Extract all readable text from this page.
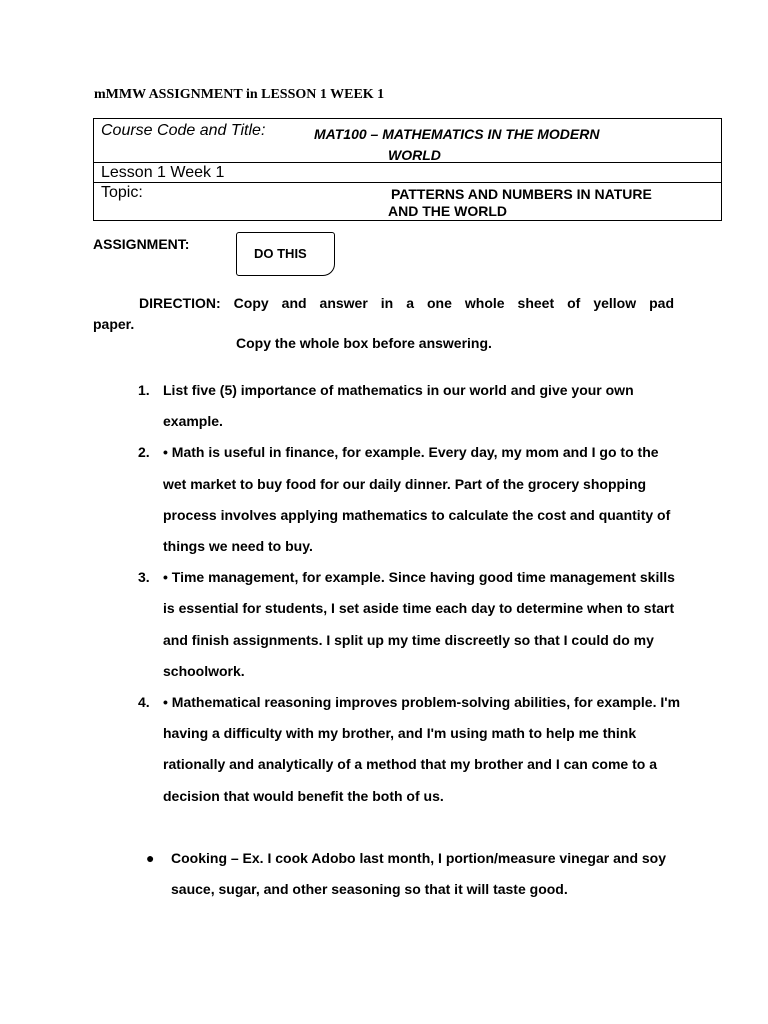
mMMW ASSIGNMENT in LESSON 1 WEEK 1
Course Code and Title:	MAT100 – MATHEMATICS IN THE MODERN
WORLD
Lesson 1 Week 1
Topic:	PATTERNS AND NUMBERS IN NATURE
AND THE WORLD
ASSIGNMENT:
DO THIS
DIRECTION: Copy and answer in a one whole sheet of yellow pad
paper.
Copy the whole box before answering.
1. List five (5) importance of mathematics in our world and give your own example.
2. • Math is useful in finance, for example. Every day, my mom and I go to the wet market to buy food for our daily dinner. Part of the grocery shopping process involves applying mathematics to calculate the cost and quantity of things we need to buy.
3. • Time management, for example. Since having good time management skills is essential for students, I set aside time each day to determine when to start and finish assignments. I split up my time discreetly so that I could do my schoolwork.
4. • Mathematical reasoning improves problem-solving abilities, for example. I'm having a difficulty with my brother, and I'm using math to help me think rationally and analytically of a method that my brother and I can come to a decision that would benefit the both of us.
● Cooking – Ex. I cook Adobo last month, I portion/measure vinegar and soy sauce, sugar, and other seasoning so that it will taste good.
